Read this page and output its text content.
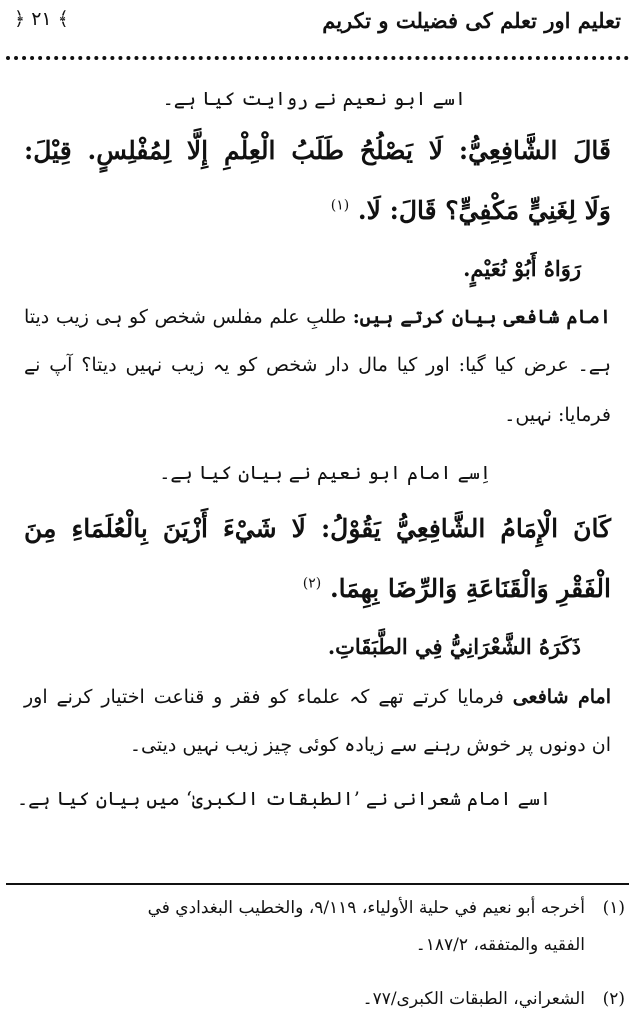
تعلیم اور تعلم کی فضیلت و تکریم
﴿ ٢١ ﴾
اسے ابو نعیم نے روایت کیا ہے۔
قَالَ الشَّافِعِيُّ: لَا يَصْلُحُ طَلَبُ الْعِلْمِ إِلَّا لِمُفْلِسٍ. قِيْلَ:
وَلَا لِغَنِيٍّ مَكْفِيٍّ؟ قَالَ: لَا. $^{(١)}$
رَوَاهُ أَبُوْ نُعَيْمٍ.
امام شافعی بیان کرتے ہیں: طلبِ علم مفلس شخص کو ہی زیب دیتا
ہے۔ عرض کیا گیا: اور کیا مال دار شخص کو یہ زیب نہیں دیتا؟ آپ نے
فرمایا: نہیں۔
اِسے امام ابو نعیم نے بیان کیا ہے۔
كَانَ الْإِمَامُ الشَّافِعِيُّ يَقُوْلُ: لَا شَيْءَ أَزْيَنَ بِالْعُلَمَاءِ مِنَ
الْفَقْرِ وَالْقَنَاعَةِ وَالرِّضَا بِهِمَا. $^{(٢)}$
ذَكَرَهُ الشَّعْرَانِيُّ فِي الطَّبَقَاتِ.
امام شافعی فرمایا کرتے تھے کہ علماء کو فقر و قناعت اختیار کرنے اور
ان دونوں پر خوش رہنے سے زیادہ کوئی چیز زیب نہیں دیتی۔
اسے امام شعرانی نے ’الطبقات الکبریٰ‘ میں بیان کیا ہے۔
(١)أخرجه أبو نعيم في حلية الأولياء، ٩/١١٩، والخطيب البغدادي في
الفقيه والمتفقه، ١٨٧/٢۔
(٢)الشعراني، الطبقات الكبرى/٧٧۔
